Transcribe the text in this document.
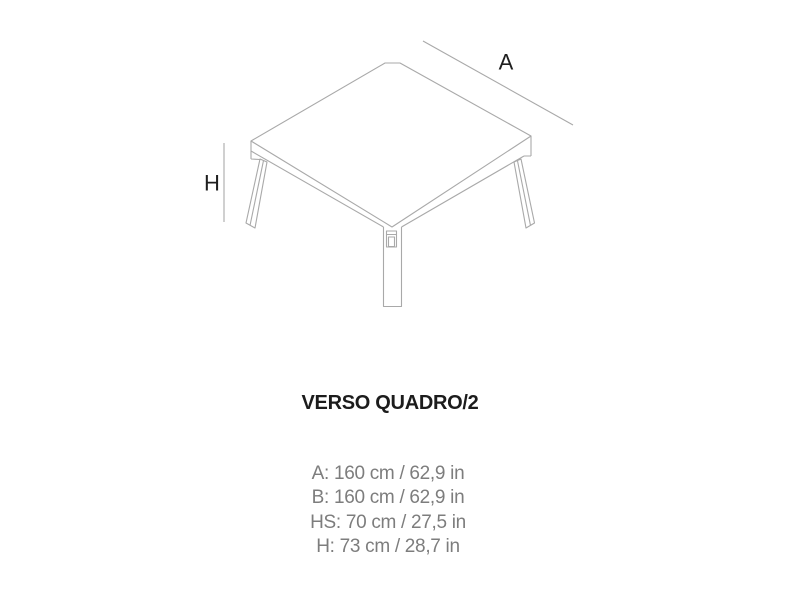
A
H
VERSO QUADRO/2
A: 160 cm / 62,9 in
B: 160 cm / 62,9 in
HS: 70 cm / 27,5 in
H: 73 cm / 28,7 in
